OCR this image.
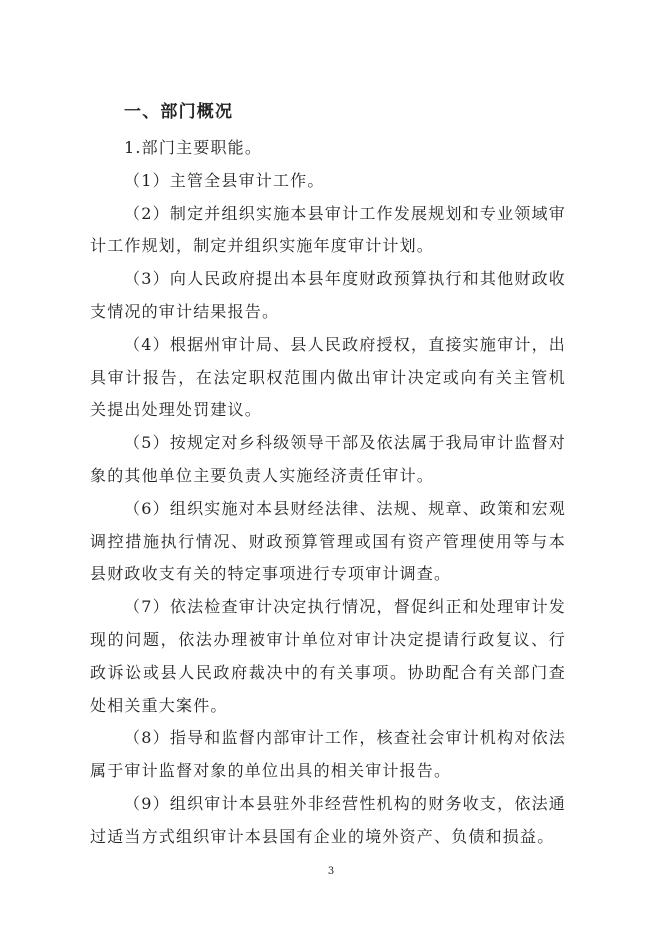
一、部门概况
1.部门主要职能。
（1）主管全县审计工作。
（2）制定并组织实施本县审计工作发展规划和专业领域审
计工作规划，制定并组织实施年度审计计划。
（3）向人民政府提出本县年度财政预算执行和其他财政收
支情况的审计结果报告。
（4）根据州审计局、县人民政府授权，直接实施审计，出
具审计报告，在法定职权范围内做出审计决定或向有关主管机
关提出处理处罚建议。
（5）按规定对乡科级领导干部及依法属于我局审计监督对
象的其他单位主要负责人实施经济责任审计。
（6）组织实施对本县财经法律、法规、规章、政策和宏观
调控措施执行情况、财政预算管理或国有资产管理使用等与本
县财政收支有关的特定事项进行专项审计调查。
（7）依法检查审计决定执行情况，督促纠正和处理审计发
现的问题，依法办理被审计单位对审计决定提请行政复议、行
政诉讼或县人民政府裁决中的有关事项。协助配合有关部门查
处相关重大案件。
（8）指导和监督内部审计工作，核查社会审计机构对依法
属于审计监督对象的单位出具的相关审计报告。
（9）组织审计本县驻外非经营性机构的财务收支，依法通
过适当方式组织审计本县国有企业的境外资产、负债和损益。
3
